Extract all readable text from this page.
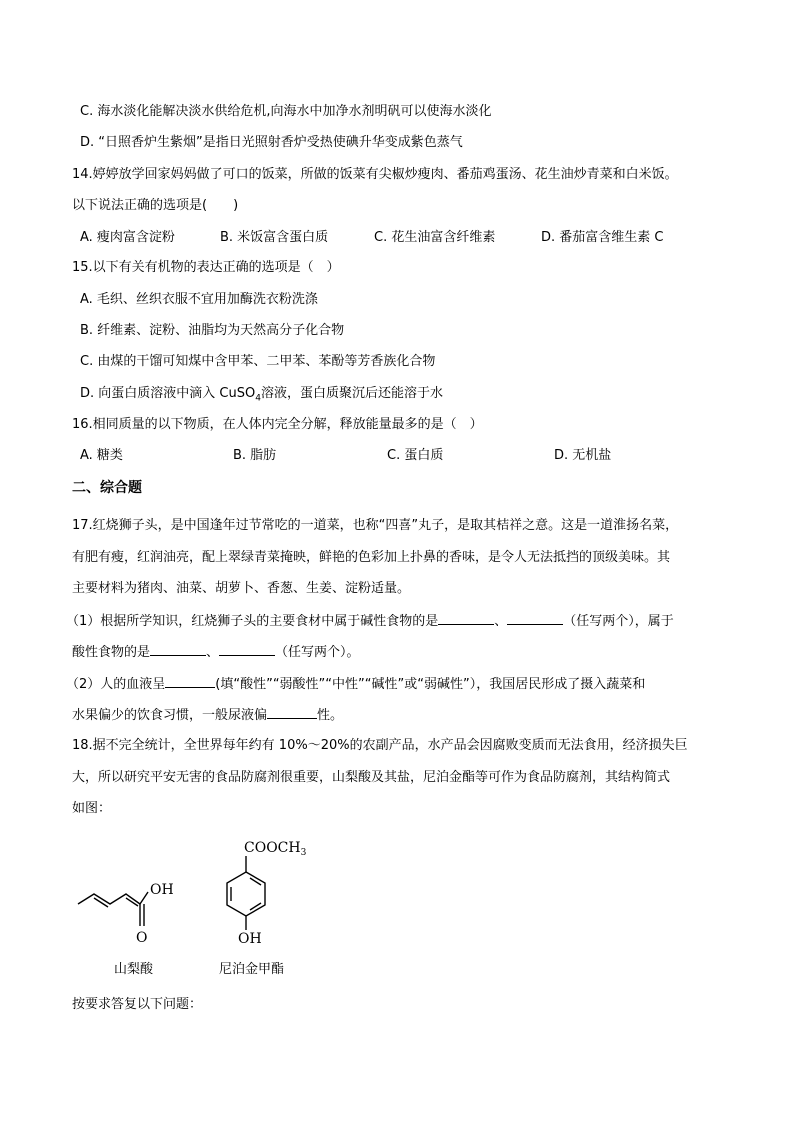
C. 海水淡化能解决淡水供给危机,向海水中加净水剂明矾可以使海水淡化
D. “日照香炉生紫烟”是指日光照射香炉受热使碘升华变成紫色蒸气
14.婷婷放学回家妈妈做了可口的饭菜，所做的饭菜有尖椒炒瘦肉、番茄鸡蛋汤、花生油炒青菜和白米饭。
以下说法正确的选项是(　　)
A. 瘦肉富含淀粉	B. 米饭富含蛋白质	C. 花生油富含纤维素	D. 番茄富含维生素 C
15.以下有关有机物的表达正确的选项是（　）
A. 毛织、丝织衣服不宜用加酶洗衣粉洗涤
B. 纤维素、淀粉、油脂均为天然高分子化合物
C. 由煤的干馏可知煤中含甲苯、二甲苯、苯酚等芳香族化合物
D. 向蛋白质溶液中滴入 CuSO$_4$溶液，蛋白质聚沉后还能溶于水
16.相同质量的以下物质，在人体内完全分解，释放能量最多的是（　）
A. 糖类	B. 脂肪	C. 蛋白质	D. 无机盐
二、综合题
17.红烧狮子头，是中国逢年过节常吃的一道菜，也称“四喜”丸子，是取其桔祥之意。这是一道淮扬名菜，
有肥有瘦，红润油亮，配上翠绿青菜掩映，鲜艳的色彩加上扑鼻的香味，是令人无法抵挡的顶级美味。其
主要材料为猪肉、油菜、胡萝卜、香葱、生姜、淀粉适量。
（1）根据所学知识，红烧狮子头的主要食材中属于碱性食物的是	、	（任写两个），属于
酸性食物的是	、	（任写两个）。
（2）人的血液呈	(填“酸性”“弱酸性”“中性”“碱性”或“弱碱性”），我国居民形成了摄入蔬菜和
水果偏少的饮食习惯，一般尿液偏	性。
18.据不完全统计，全世界每年约有 10%～20%的农副产品，水产品会因腐败变质而无法食用，经济损失巨
大，所以研究平安无害的食品防腐剂很重要，山梨酸及其盐，尼泊金酯等可作为食品防腐剂，其结构简式
如图：
OH
O
$COOCH_3$
OH
山梨酸	尼泊金甲酯
按要求答复以下问题：
